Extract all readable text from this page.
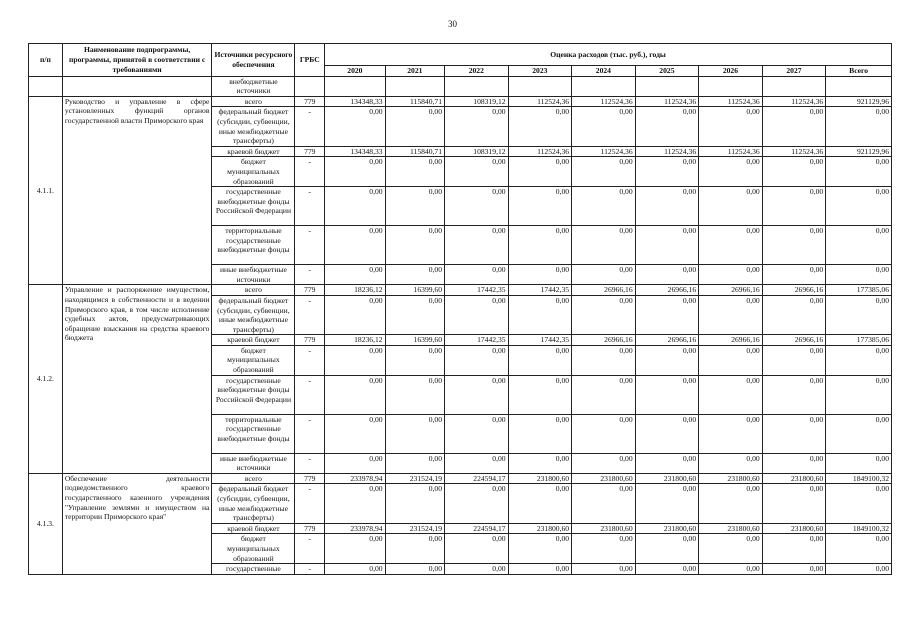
30
п/п	Наименование подпрограммы, программы, принятой в соответствии с требованиями	Источники ресурсного обеспечения	ГРБС	Оценка расходов (тыс. руб.), годы								
				2020	2021	2022	2023	2024	2025	2026	2027	Всего
		внебюджетные источники										
4.1.1.	Руководство и управление в сфере установленных функций органов государственной власти Приморского края	всего	779	134348,33	115840,71	108319,12	112524,36	112524,36	112524,36	112524,36	112524,36	921129,96
		федеральный бюджет (субсидии, субвенции, иные межбюджетные трансферты)	-	0,00	0,00	0,00	0,00	0,00	0,00	0,00	0,00	0,00
		краевой бюджет	779	134348,33	115840,71	108319,12	112524,36	112524,36	112524,36	112524,36	112524,36	921129,96
		бюджет муниципальных образований	-	0,00	0,00	0,00	0,00	0,00	0,00	0,00	0,00	0,00
		государственные внебюджетные фонды Российской Федерации	-	0,00	0,00	0,00	0,00	0,00	0,00	0,00	0,00	0,00
		территориальные государственные внебюджетные фонды	-	0,00	0,00	0,00	0,00	0,00	0,00	0,00	0,00	0,00
		иные внебюджетные источники	-	0,00	0,00	0,00	0,00	0,00	0,00	0,00	0,00	0,00
4.1.2.	Управление и распоряжение имуществом, находящимся в собственности и в ведении Приморского края, в том числе исполнение судебных актов, предусматривающих обращение взыскания на средства краевого бюджета	всего	779	18236,12	16399,60	17442,35	17442,35	26966,16	26966,16	26966,16	26966,16	177385,06
		федеральный бюджет (субсидии, субвенции, иные межбюджетные трансферты)	-	0,00	0,00	0,00	0,00	0,00	0,00	0,00	0,00	0,00
		краевой бюджет	779	18236,12	16399,60	17442,35	17442,35	26966,16	26966,16	26966,16	26966,16	177385,06
		бюджет муниципальных образований	-	0,00	0,00	0,00	0,00	0,00	0,00	0,00	0,00	0,00
		государственные внебюджетные фонды Российской Федерации	-	0,00	0,00	0,00	0,00	0,00	0,00	0,00	0,00	0,00
		территориальные государственные внебюджетные фонды	-	0,00	0,00	0,00	0,00	0,00	0,00	0,00	0,00	0,00
		иные внебюджетные источники	-	0,00	0,00	0,00	0,00	0,00	0,00	0,00	0,00	0,00
4.1.3.	Обеспечение деятельности подведомственного краевого государственного казенного учреждения "Управление землями и имуществом на территории Приморского края"	всего	779	233978,94	231524,19	224594,17	231800,60	231800,60	231800,60	231800,60	231800,60	1849100,32
		федеральный бюджет (субсидии, субвенции, иные межбюджетные трансферты)	-	0,00	0,00	0,00	0,00	0,00	0,00	0,00	0,00	0,00
		краевой бюджет	779	233978,94	231524,19	224594,17	231800,60	231800,60	231800,60	231800,60	231800,60	1849100,32
		бюджет муниципальных образований	-	0,00	0,00	0,00	0,00	0,00	0,00	0,00	0,00	0,00
		государственные	-	0,00	0,00	0,00	0,00	0,00	0,00	0,00	0,00	0,00
